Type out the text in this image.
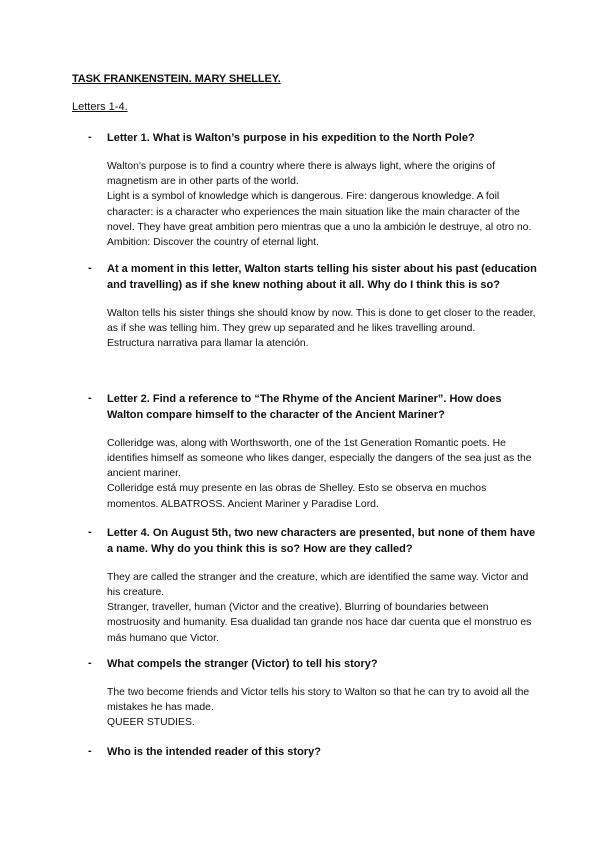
TASK FRANKENSTEIN. MARY SHELLEY.
Letters 1-4.
- Letter 1. What is Walton’s purpose in his expedition to the North Pole?

Walton's purpose is to find a country where there is always light, where the origins of magnetism are in other parts of the world.

Light is a symbol of knowledge which is dangerous. Fire: dangerous knowledge. A foil character: is a character who experiences the main situation like the main character of the novel. They have great ambition pero mientras que a uno la ambición le destruye, al otro no. Ambition: Discover the country of eternal light.

- At a moment in this letter, Walton starts telling his sister about his past (education and travelling) as if she knew nothing about it all. Why do I think this is so?

Walton tells his sister things she should know by now. This is done to get closer to the reader, as if she was telling him. They grew up separated and he likes travelling around.

Estructura narrativa para llamar la atención.

- Letter 2. Find a reference to “The Rhyme of the Ancient Mariner”. How does Walton compare himself to the character of the Ancient Mariner?

Colleridge was, along with Worthsworth, one of the 1st Generation Romantic poets. He identifies himself as someone who likes danger, especially the dangers of the sea just as the ancient mariner.

Colleridge está muy presente en las obras de Shelley. Esto se observa en muchos momentos. ALBATROSS. Ancient Mariner y Paradise Lord.

- Letter 4. On August 5th, two new characters are presented, but none of them have a name. Why do you think this is so? How are they called?

They are called the stranger and the creature, which are identified the same way. Victor and his creature.

Stranger, traveller, human (Victor and the creative). Blurring of boundaries between mostruosity and humanity. Esa dualidad tan grande nos hace dar cuenta que el monstruo es más humano que Victor.

- What compels the stranger (Victor) to tell his story?

The two become friends and Victor tells his story to Walton so that he can try to avoid all the mistakes he has made.

QUEER STUDIES.

- Who is the intended reader of this story?
